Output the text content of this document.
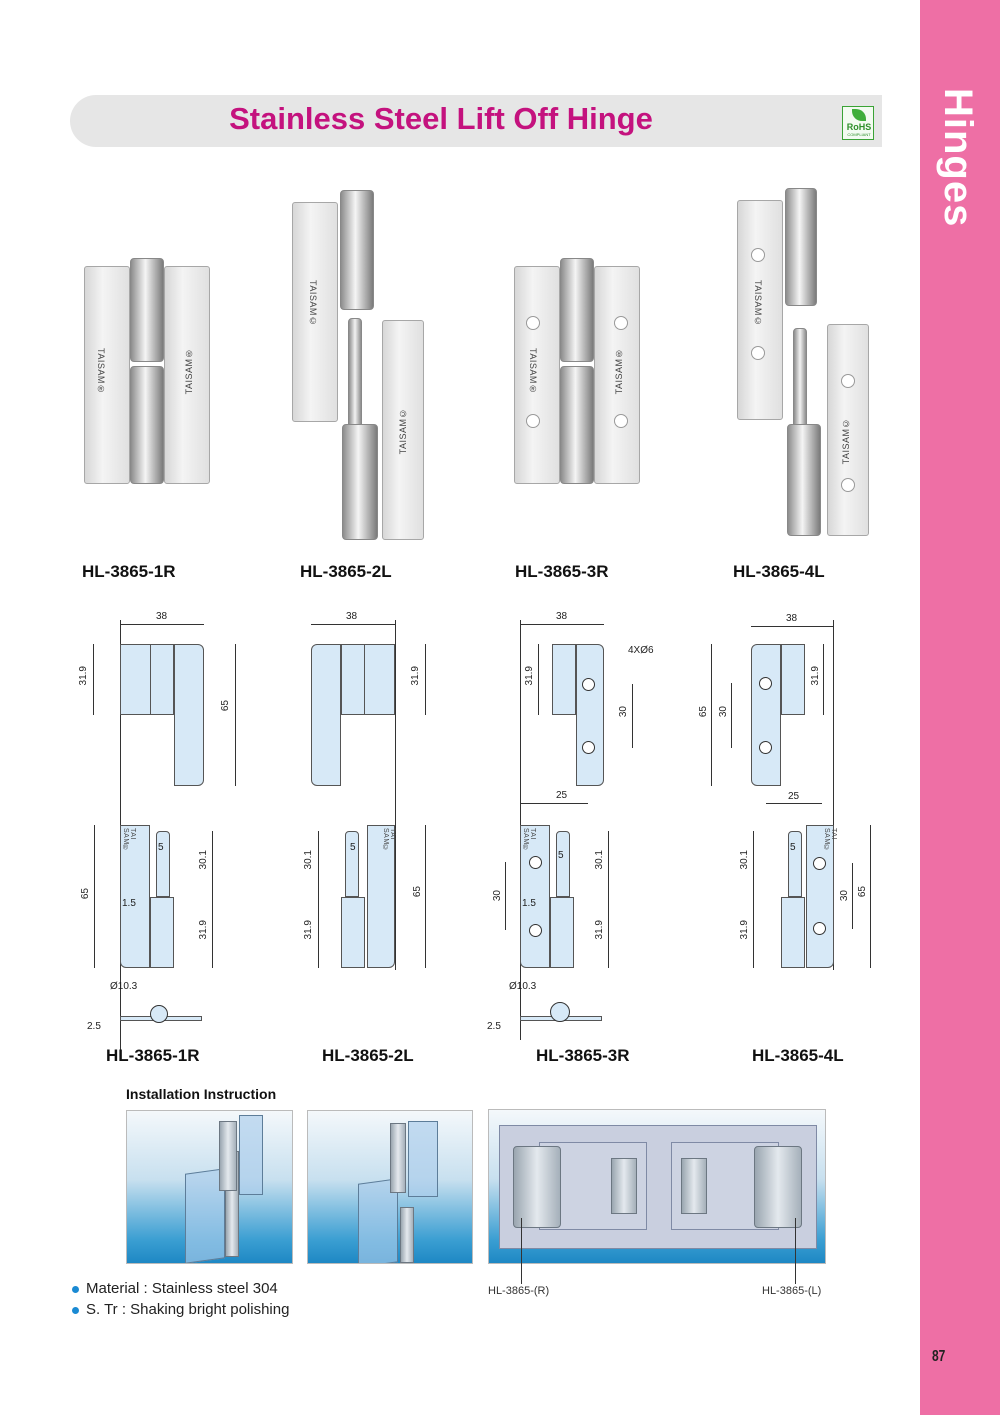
Hinges
87
Stainless Steel Lift Off Hinge	RoHS
COMPLIANT
TAISAM®	TAISAM®
TAISAM©
TAISAM©
TAISAM®	TAISAM®
TAISAM©
TAISAM©
HL-3865-1R	HL-3865-2L	HL-3865-3R	HL-3865-4L
38
31.9
65
TAI SAM®
65
5
1.5
30.1
31.9
Ø10.3
2.5
38
31.9
TAI SAM©
30.1
31.9
5
65
38
4XØ6
31.9
30
25
TAI SAM®
30
5
1.5
30.1
31.9
Ø10.3
2.5
38
65 30
31.9
25
TAI SAM©
30.1
31.9
5
30 65
HL-3865-1R	HL-3865-2L	HL-3865-3R	HL-3865-4L
Installation Instruction
HL-3865-(R)	HL-3865-(L)
Material : Stainless steel 304
S. Tr : Shaking bright polishing
